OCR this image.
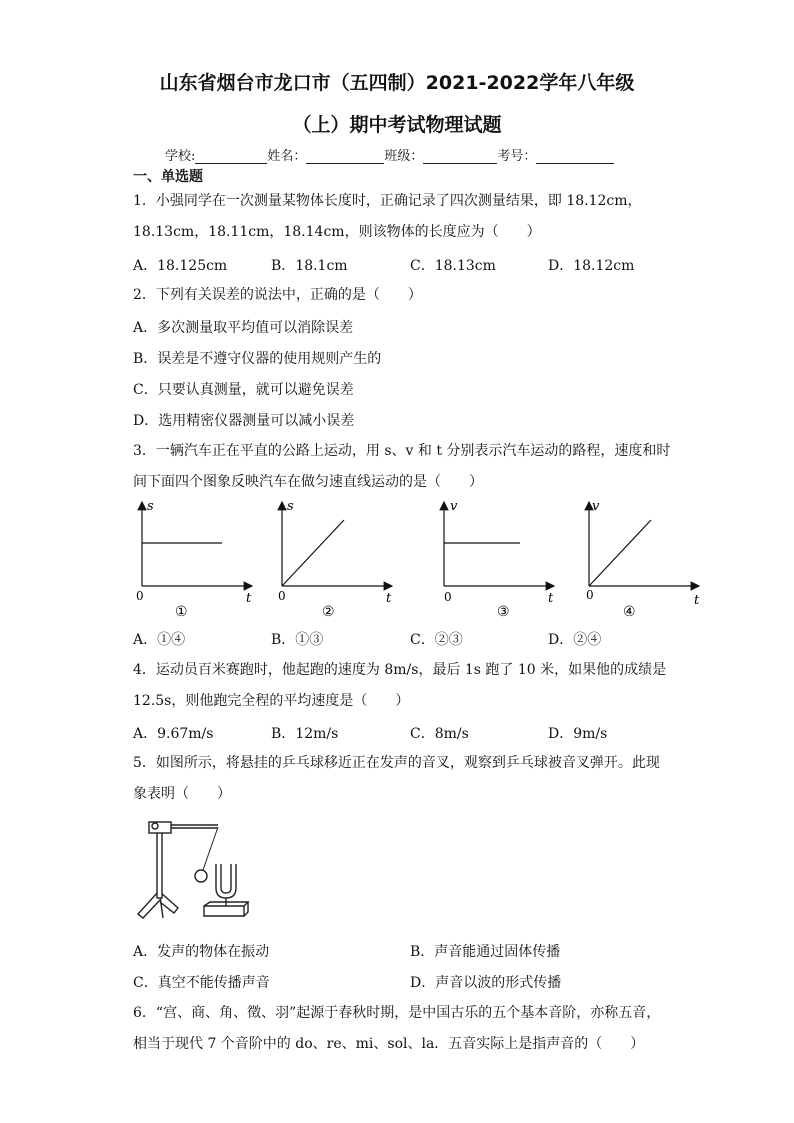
山东省烟台市龙口市（五四制）2021-2022学年八年级
（上）期中考试物理试题
学校:	姓名：	班级：	考号：
一、单选题
1．小强同学在一次测量某物体长度时，正确记录了四次测量结果，即 18.12cm，
18.13cm，18.11cm，18.14cm，则该物体的长度应为（　　）
A．18.125cm	B．18.1cm	C．18.13cm	D．18.12cm
2．下列有关误差的说法中，正确的是（　　）
A．多次测量取平均值可以消除误差
B．误差是不遵守仪器的使用规则产生的
C．只要认真测量，就可以避免误差
D．选用精密仪器测量可以减小误差
3．一辆汽车正在平直的公路上运动，用 s、v 和 t 分别表示汽车运动的路程，速度和时
间下面四个图象反映汽车在做匀速直线运动的是（　　）
s
t
0
①
s
t
0
②
v
t
0
③
v
t
0
④
A．①④	B．①③	C．②③	D．②④
4．运动员百米赛跑时，他起跑的速度为 8m/s，最后 1s 跑了 10 米，如果他的成绩是
12.5s，则他跑完全程的平均速度是（　　）
A．9.67m/s	B．12m/s	C．8m/s	D．9m/s
5．如图所示，将悬挂的乒乓球移近正在发声的音叉，观察到乒乓球被音叉弹开。此现
象表明（　　）
A．发声的物体在振动	B．声音能通过固体传播
C．真空不能传播声音	D．声音以波的形式传播
6．“宫、商、角、徵、羽”起源于春秋时期，是中国古乐的五个基本音阶，亦称五音，
相当于现代 7 个音阶中的 do、re、mi、sol、la．五音实际上是指声音的（　　）
